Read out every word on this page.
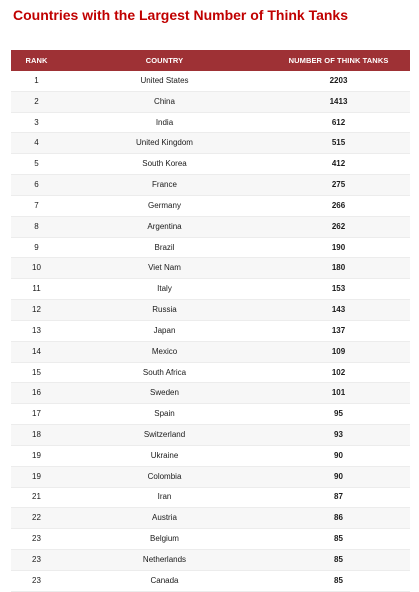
Countries with the Largest Number of Think Tanks
RANK	COUNTRY	NUMBER OF THINK TANKS
1	United States	2203
2	China	1413
3	India	612
4	United Kingdom	515
5	South Korea	412
6	France	275
7	Germany	266
8	Argentina	262
9	Brazil	190
10	Viet Nam	180
11	Italy	153
12	Russia	143
13	Japan	137
14	Mexico	109
15	South Africa	102
16	Sweden	101
17	Spain	95
18	Switzerland	93
19	Ukraine	90
19	Colombia	90
21	Iran	87
22	Austria	86
23	Belgium	85
23	Netherlands	85
23	Canada	85
